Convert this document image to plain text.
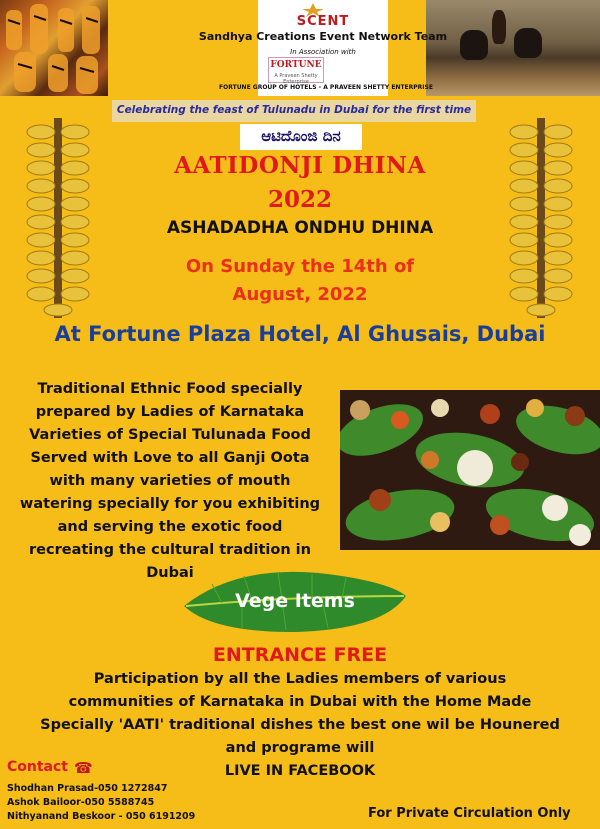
SCENT
Sandhya Creations Event Network Team
In Association with
FORTUNE
A Praveen Shetty Enterprise
FORTUNE GROUP OF HOTELS - A PRAVEEN SHETTY ENTERPRISE
Celebrating the feast of Tulunadu in Dubai for the first time
ಆಟಿದೊಂಜಿ ದಿನ
AATIDONJI DHINA
2022
ASHADADHA ONDHU DHINA
On Sunday the 14th of
August, 2022
At Fortune Plaza Hotel, Al Ghusais, Dubai
Traditional Ethnic Food specially
prepared by Ladies of Karnataka
Varieties of Special Tulunada Food
Served with Love to all Ganji Oota
with many varieties of mouth
watering specially for you exhibiting
and serving the exotic food
recreating the cultural tradition in
Dubai
Vege Items
ENTRANCE FREE
Participation by all the Ladies members of various
communities of Karnataka in Dubai with the Home Made
Specially 'AATI' traditional dishes the best one wil be Hounered
and programe will
LIVE IN FACEBOOK
Contact ☎
Shodhan Prasad-050 1272847
Ashok Bailoor-050 5588745
Nithyanand Beskoor - 050 6191209	For Private Circulation Only
